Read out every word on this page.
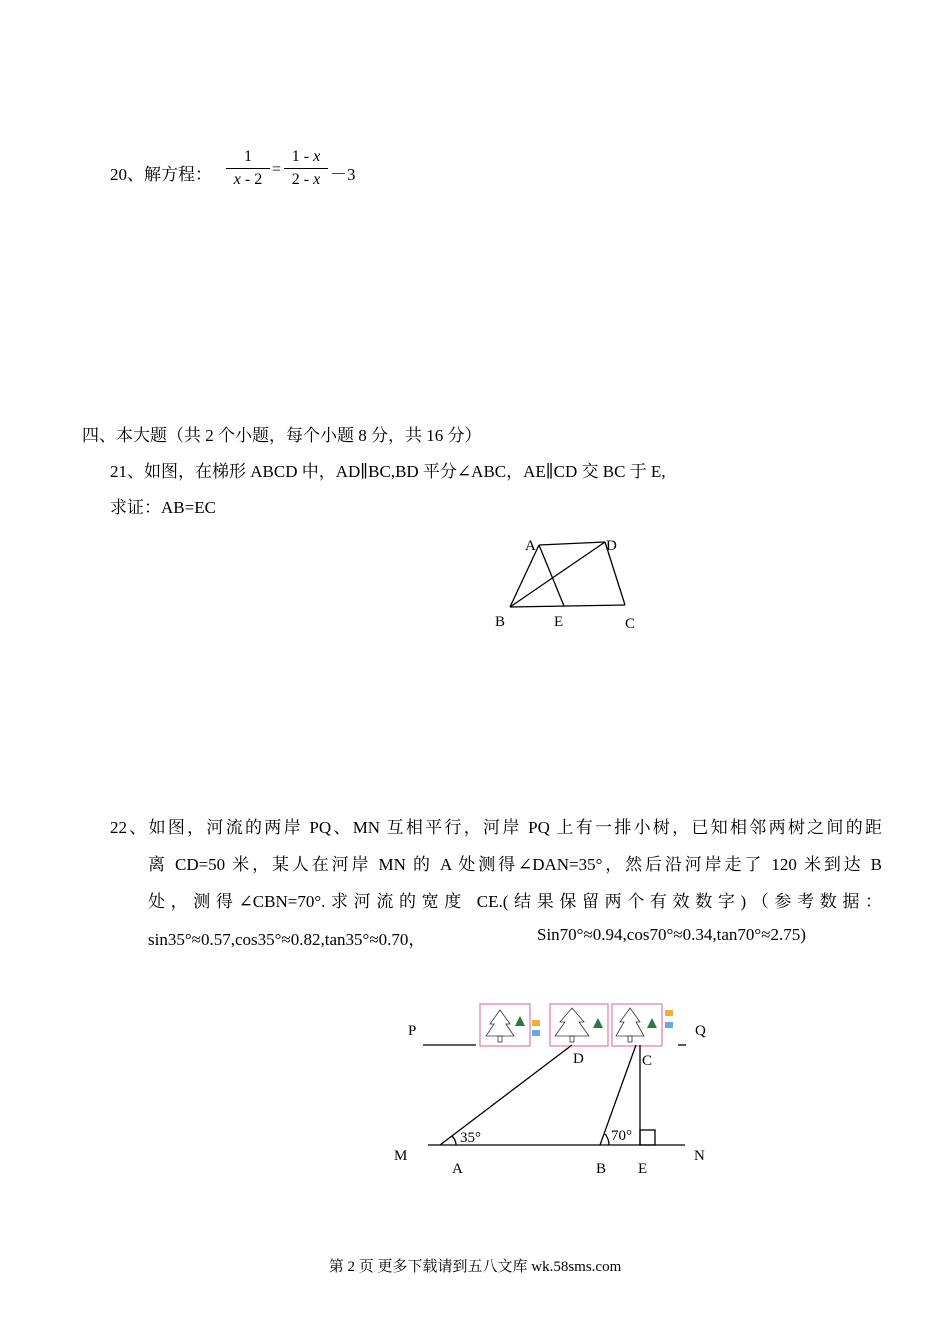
20、解方程： $\frac{1}{x - 2} = \frac{1 - x}{2 - x} -3$
四、本大题（共 2 个小题，每个小题 8 分，共 16 分）
21、如图，在梯形 ABCD 中，AD∥BC,BD 平分∠ABC，AE∥CD 交 BC 于 E,
求证：AB=EC
A	D
B	E	C
22、如图，河流的两岸 PQ、MN 互相平行，河岸 PQ 上有一排小树，已知相邻两树之间的距
离 CD=50 米，某人在河岸 MN 的 A 处测得∠DAN=35°，然后沿河岸走了 120 米到达 B
处，测得∠CBN=70°.求河流的宽度 CE.(结果保留两个有效数字)（参考数据：
sin35°≈0.57,cos35°≈0.82,tan35°≈0.70，	Sin70°≈0.94,cos70°≈0.34,tan70°≈2.75)
P	Q
D	C
35°	70°
M	N
A	B E
第 2 页 更多下载请到五八文库 wk.58sms.com
